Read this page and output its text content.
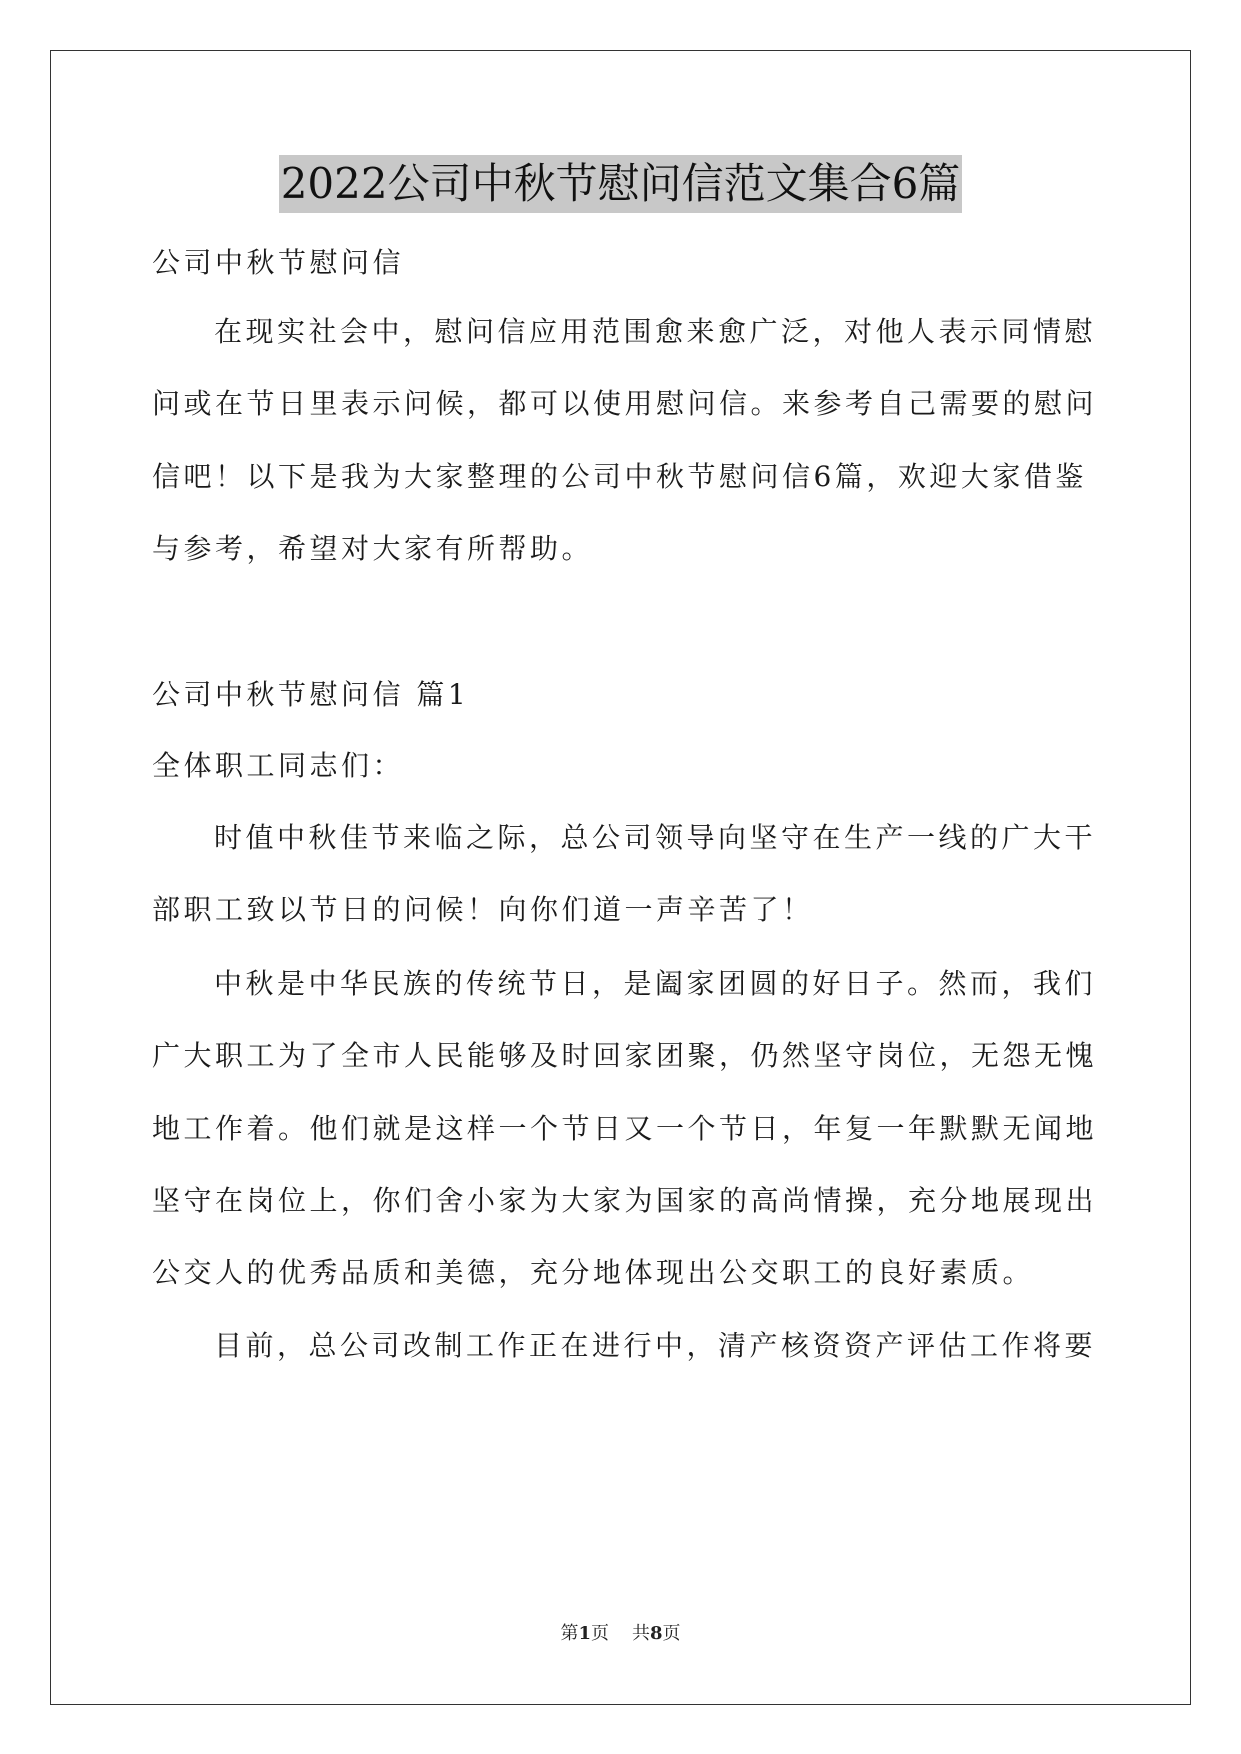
2022公司中秋节慰问信范文集合6篇
公司中秋节慰问信
在现实社会中，慰问信应用范围愈来愈广泛，对他人表示同情慰
问或在节日里表示问候，都可以使用慰问信。来参考自己需要的慰问
信吧！以下是我为大家整理的公司中秋节慰问信6篇，欢迎大家借鉴
与参考，希望对大家有所帮助。
公司中秋节慰问信 篇1
全体职工同志们：
时值中秋佳节来临之际，总公司领导向坚守在生产一线的广大干
部职工致以节日的问候！向你们道一声辛苦了！
中秋是中华民族的传统节日，是阖家团圆的好日子。然而，我们
广大职工为了全市人民能够及时回家团聚，仍然坚守岗位，无怨无愧
地工作着。他们就是这样一个节日又一个节日，年复一年默默无闻地
坚守在岗位上，你们舍小家为大家为国家的高尚情操，充分地展现出
公交人的优秀品质和美德，充分地体现出公交职工的良好素质。
目前，总公司改制工作正在进行中，清产核资资产评估工作将要
第1页 共8页
